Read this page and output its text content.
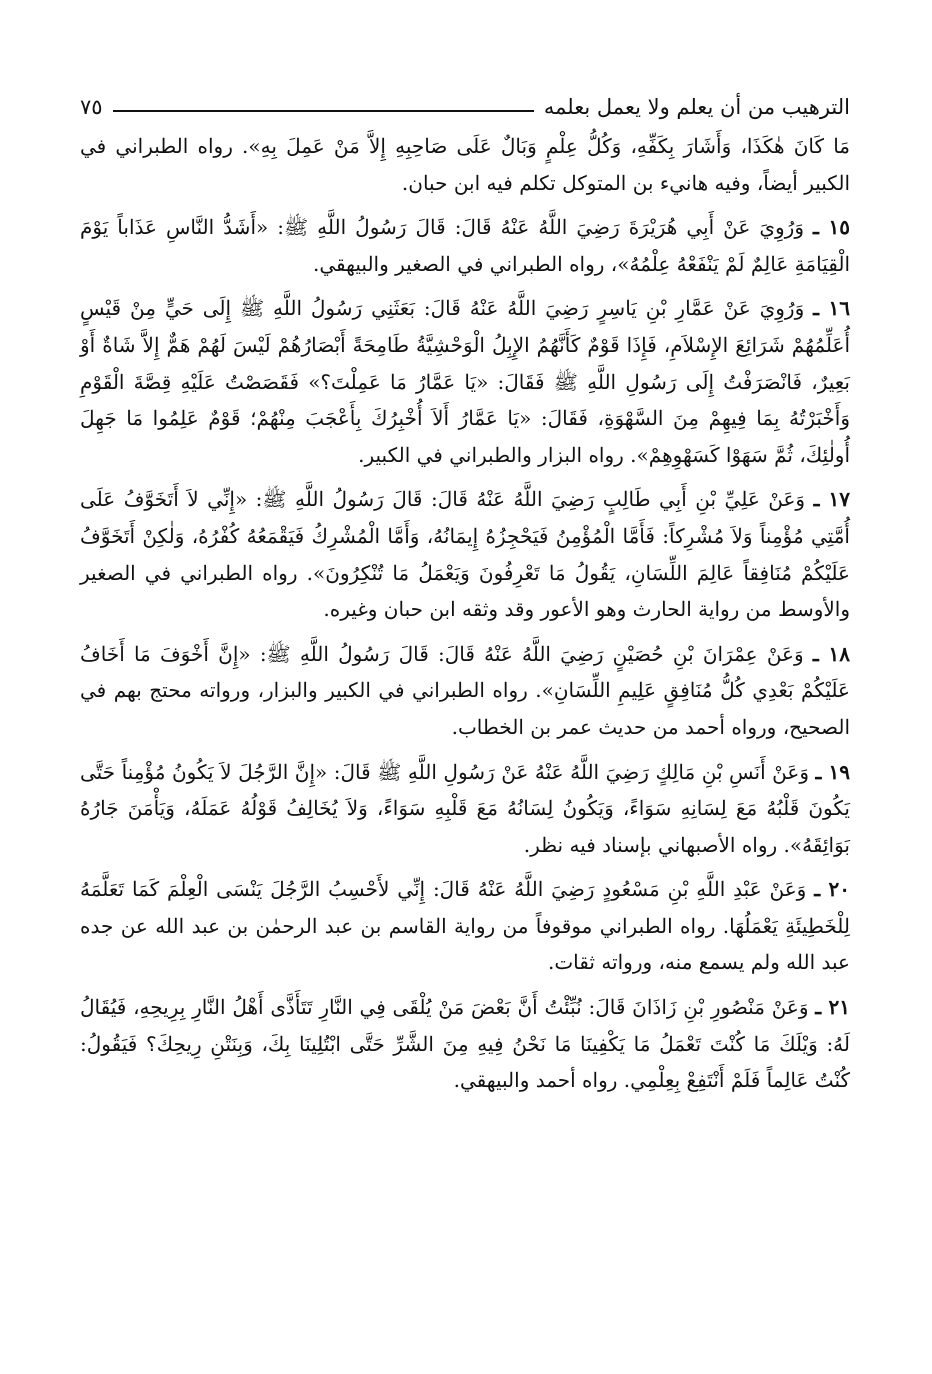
الترهيب من أن يعلم ولا يعمل بعلمه
٧٥

مَا كَانَ هٰكَذَا، وَأَشَارَ بِكَفِّهِ، وَكُلُّ عِلْمٍ وَبَالٌ عَلَى صَاحِبِهِ إِلاَّ مَنْ عَمِلَ بِهِ». رواه الطبراني في الكبير أيضاً، وفيه هانيء بن المتوكل تكلم فيه ابن حبان.

١٥ ـ وَرُوِيَ عَنْ أَبِي هُرَيْرَةَ رَضِيَ اللَّهُ عَنْهُ قَالَ: قَالَ رَسُولُ اللَّهِ ﷺ: «أَشَدُّ النَّاسِ عَذَاباً يَوْمَ الْقِيَامَةِ عَالِمٌ لَمْ يَنْفَعْهُ عِلْمُهُ»، رواه الطبراني في الصغير والبيهقي.

١٦ ـ وَرُوِيَ عَنْ عَمَّارِ بْنِ يَاسِرٍ رَضِيَ اللَّهُ عَنْهُ قَالَ: بَعَثَنِي رَسُولُ اللَّهِ ﷺ إِلَى حَيٍّ مِنْ قَيْسٍ أُعَلِّمُهُمْ شَرَائِعَ الإِسْلاَمِ، فَإِذَا قَوْمٌ كَأَنَّهُمُ الإِبِلُ الْوَحْشِيَّةُ طَامِحَةً أَبْصَارُهُمْ لَيْسَ لَهُمْ هَمٌّ إِلاَّ شَاةٌ أَوْ بَعِيرٌ، فَانْصَرَفْتُ إِلَى رَسُولِ اللَّهِ ﷺ فَقَالَ: «يَا عَمَّارُ مَا عَمِلْتَ؟» فَقَصَصْتُ عَلَيْهِ قِصَّةَ الْقَوْمِ وَأَخْبَرْتُهُ بِمَا فِيهِمْ مِنَ السَّهْوَةِ، فَقَالَ: «يَا عَمَّارُ أَلاَ أُخْبِرُكَ بِأَعْجَبَ مِنْهُمْ؛ قَوْمٌ عَلِمُوا مَا جَهِلَ أُولٰئِكَ، ثُمَّ سَهَوْا كَسَهْوِهِمْ». رواه البزار والطبراني في الكبير.

١٧ ـ وَعَنْ عَلِيِّ بْنِ أَبِي طَالِبٍ رَضِيَ اللَّهُ عَنْهُ قَالَ: قَالَ رَسُولُ اللَّهِ ﷺ: «إِنِّي لاَ أَتَخَوَّفُ عَلَى أُمَّتِي مُؤْمِناً وَلاَ مُشْرِكاً: فَأَمَّا الْمُؤْمِنُ فَيَحْجِزُهُ إِيمَانُهُ، وَأَمَّا الْمُشْرِكُ فَيَقْمَعُهُ كُفْرُهُ، وَلٰكِنْ أَتَخَوَّفُ عَلَيْكُمْ مُنَافِقاً عَالِمَ اللِّسَانِ، يَقُولُ مَا تَعْرِفُونَ وَيَعْمَلُ مَا تُنْكِرُونَ». رواه الطبراني في الصغير والأوسط من رواية الحارث وهو الأعور وقد وثقه ابن حبان وغيره.

١٨ ـ وَعَنْ عِمْرَانَ بْنِ حُصَيْنٍ رَضِيَ اللَّهُ عَنْهُ قَالَ: قَالَ رَسُولُ اللَّهِ ﷺ: «إِنَّ أَخْوَفَ مَا أَخَافُ عَلَيْكُمْ بَعْدِي كُلُّ مُنَافِقٍ عَلِيمِ اللِّسَانِ». رواه الطبراني في الكبير والبزار، ورواته محتج بهم في الصحيح، ورواه أحمد من حديث عمر بن الخطاب.

١٩ ـ وَعَنْ أَنَسِ بْنِ مَالِكٍ رَضِيَ اللَّهُ عَنْهُ عَنْ رَسُولِ اللَّهِ ﷺ قَالَ: «إِنَّ الرَّجُلَ لاَ يَكُونُ مُؤْمِناً حَتَّى يَكُونَ قَلْبُهُ مَعَ لِسَانِهِ سَوَاءً، وَيَكُونُ لِسَانُهُ مَعَ قَلْبِهِ سَوَاءً، وَلاَ يُخَالِفُ قَوْلُهُ عَمَلَهُ، وَيَأْمَنَ جَارُهُ بَوَائِقَهُ». رواه الأصبهاني بإسناد فيه نظر.

٢٠ ـ وَعَنْ عَبْدِ اللَّهِ بْنِ مَسْعُودٍ رَضِيَ اللَّهُ عَنْهُ قَالَ: إِنِّي لأَحْسِبُ الرَّجُلَ يَنْسَى الْعِلْمَ كَمَا تَعَلَّمَهُ لِلْخَطِيئَةِ يَعْمَلُهَا. رواه الطبراني موقوفاً من رواية القاسم بن عبد الرحمٰن بن عبد الله عن جده عبد الله ولم يسمع منه، ورواته ثقات.

٢١ ـ وَعَنْ مَنْصُورِ بْنِ زَاذَانَ قَالَ: نُبِّئْتُ أَنَّ بَعْضَ مَنْ يُلْقَى فِي النَّارِ تَتَأَذَّى أَهْلُ النَّارِ بِرِيحِهِ، فَيُقَالُ لَهُ: وَيْلَكَ مَا كُنْتَ تَعْمَلُ مَا يَكْفِينَا مَا نَحْنُ فِيهِ مِنَ الشَّرِّ حَتَّى ابْتُلِينَا بِكَ، وَبِنَتْنِ رِيحِكَ؟ فَيَقُولُ: كُنْتُ عَالِماً فَلَمْ أَنْتَفِعْ بِعِلْمِي. رواه أحمد والبيهقي.
